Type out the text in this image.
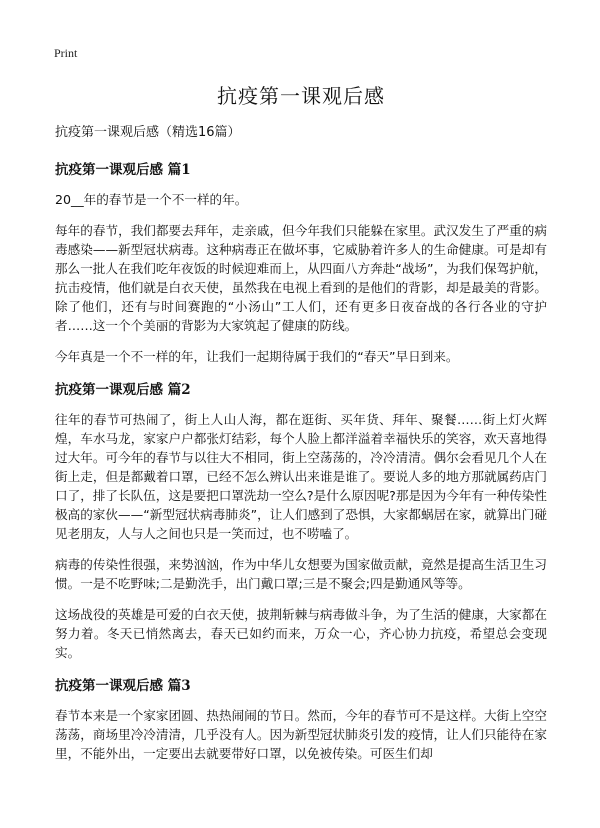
Print
抗疫第一课观后感
抗疫第一课观后感（精选16篇）
抗疫第一课观后感 篇1

20__年的春节是一个不一样的年。

每年的春节，我们都要去拜年，走亲戚，但今年我们只能躲在家里。武汉发生了严重的病毒感染——新型冠状病毒。这种病毒正在做坏事，它威胁着许多人的生命健康。可是却有那么一批人在我们吃年夜饭的时候迎难而上，从四面八方奔赴“战场”，为我们保驾护航，抗击疫情，他们就是白衣天使，虽然我在电视上看到的是他们的背影，却是最美的背影。除了他们，还有与时间赛跑的“小汤山”工人们，还有更多日夜奋战的各行各业的守护者……这一个个美丽的背影为大家筑起了健康的防线。

今年真是一个不一样的年，让我们一起期待属于我们的“春天”早日到来。

抗疫第一课观后感 篇2

往年的春节可热闹了，街上人山人海，都在逛街、买年货、拜年、聚餐……街上灯火辉煌，车水马龙，家家户户都张灯结彩，每个人脸上都洋溢着幸福快乐的笑容，欢天喜地得过大年。可今年的春节与以往大不相同，街上空荡荡的，冷冷清清。偶尔会看见几个人在街上走，但是都戴着口罩，已经不怎么辨认出来谁是谁了。要说人多的地方那就属药店门口了，排了长队伍，这是要把口罩洗劫一空么?是什么原因呢?那是因为今年有一种传染性极高的家伙——“新型冠状病毒肺炎”，让人们感到了恐惧，大家都蜗居在家，就算出门碰见老朋友，人与人之间也只是一笑而过，也不唠嗑了。

病毒的传染性很强，来势汹汹，作为中华儿女想要为国家做贡献，竟然是提高生活卫生习惯。一是不吃野味;二是勤洗手，出门戴口罩;三是不聚会;四是勤通风等等。

这场战役的英雄是可爱的白衣天使，披荆斩棘与病毒做斗争，为了生活的健康，大家都在努力着。冬天已悄然离去，春天已如约而来，万众一心，齐心协力抗疫，希望总会变现实。

抗疫第一课观后感 篇3

春节本来是一个家家团圆、热热闹闹的节日。然而，今年的春节可不是这样。大街上空空荡荡，商场里冷冷清清，几乎没有人。因为新型冠状肺炎引发的疫情，让人们只能待在家里，不能外出，一定要出去就要带好口罩，以免被传染。可医生们却
